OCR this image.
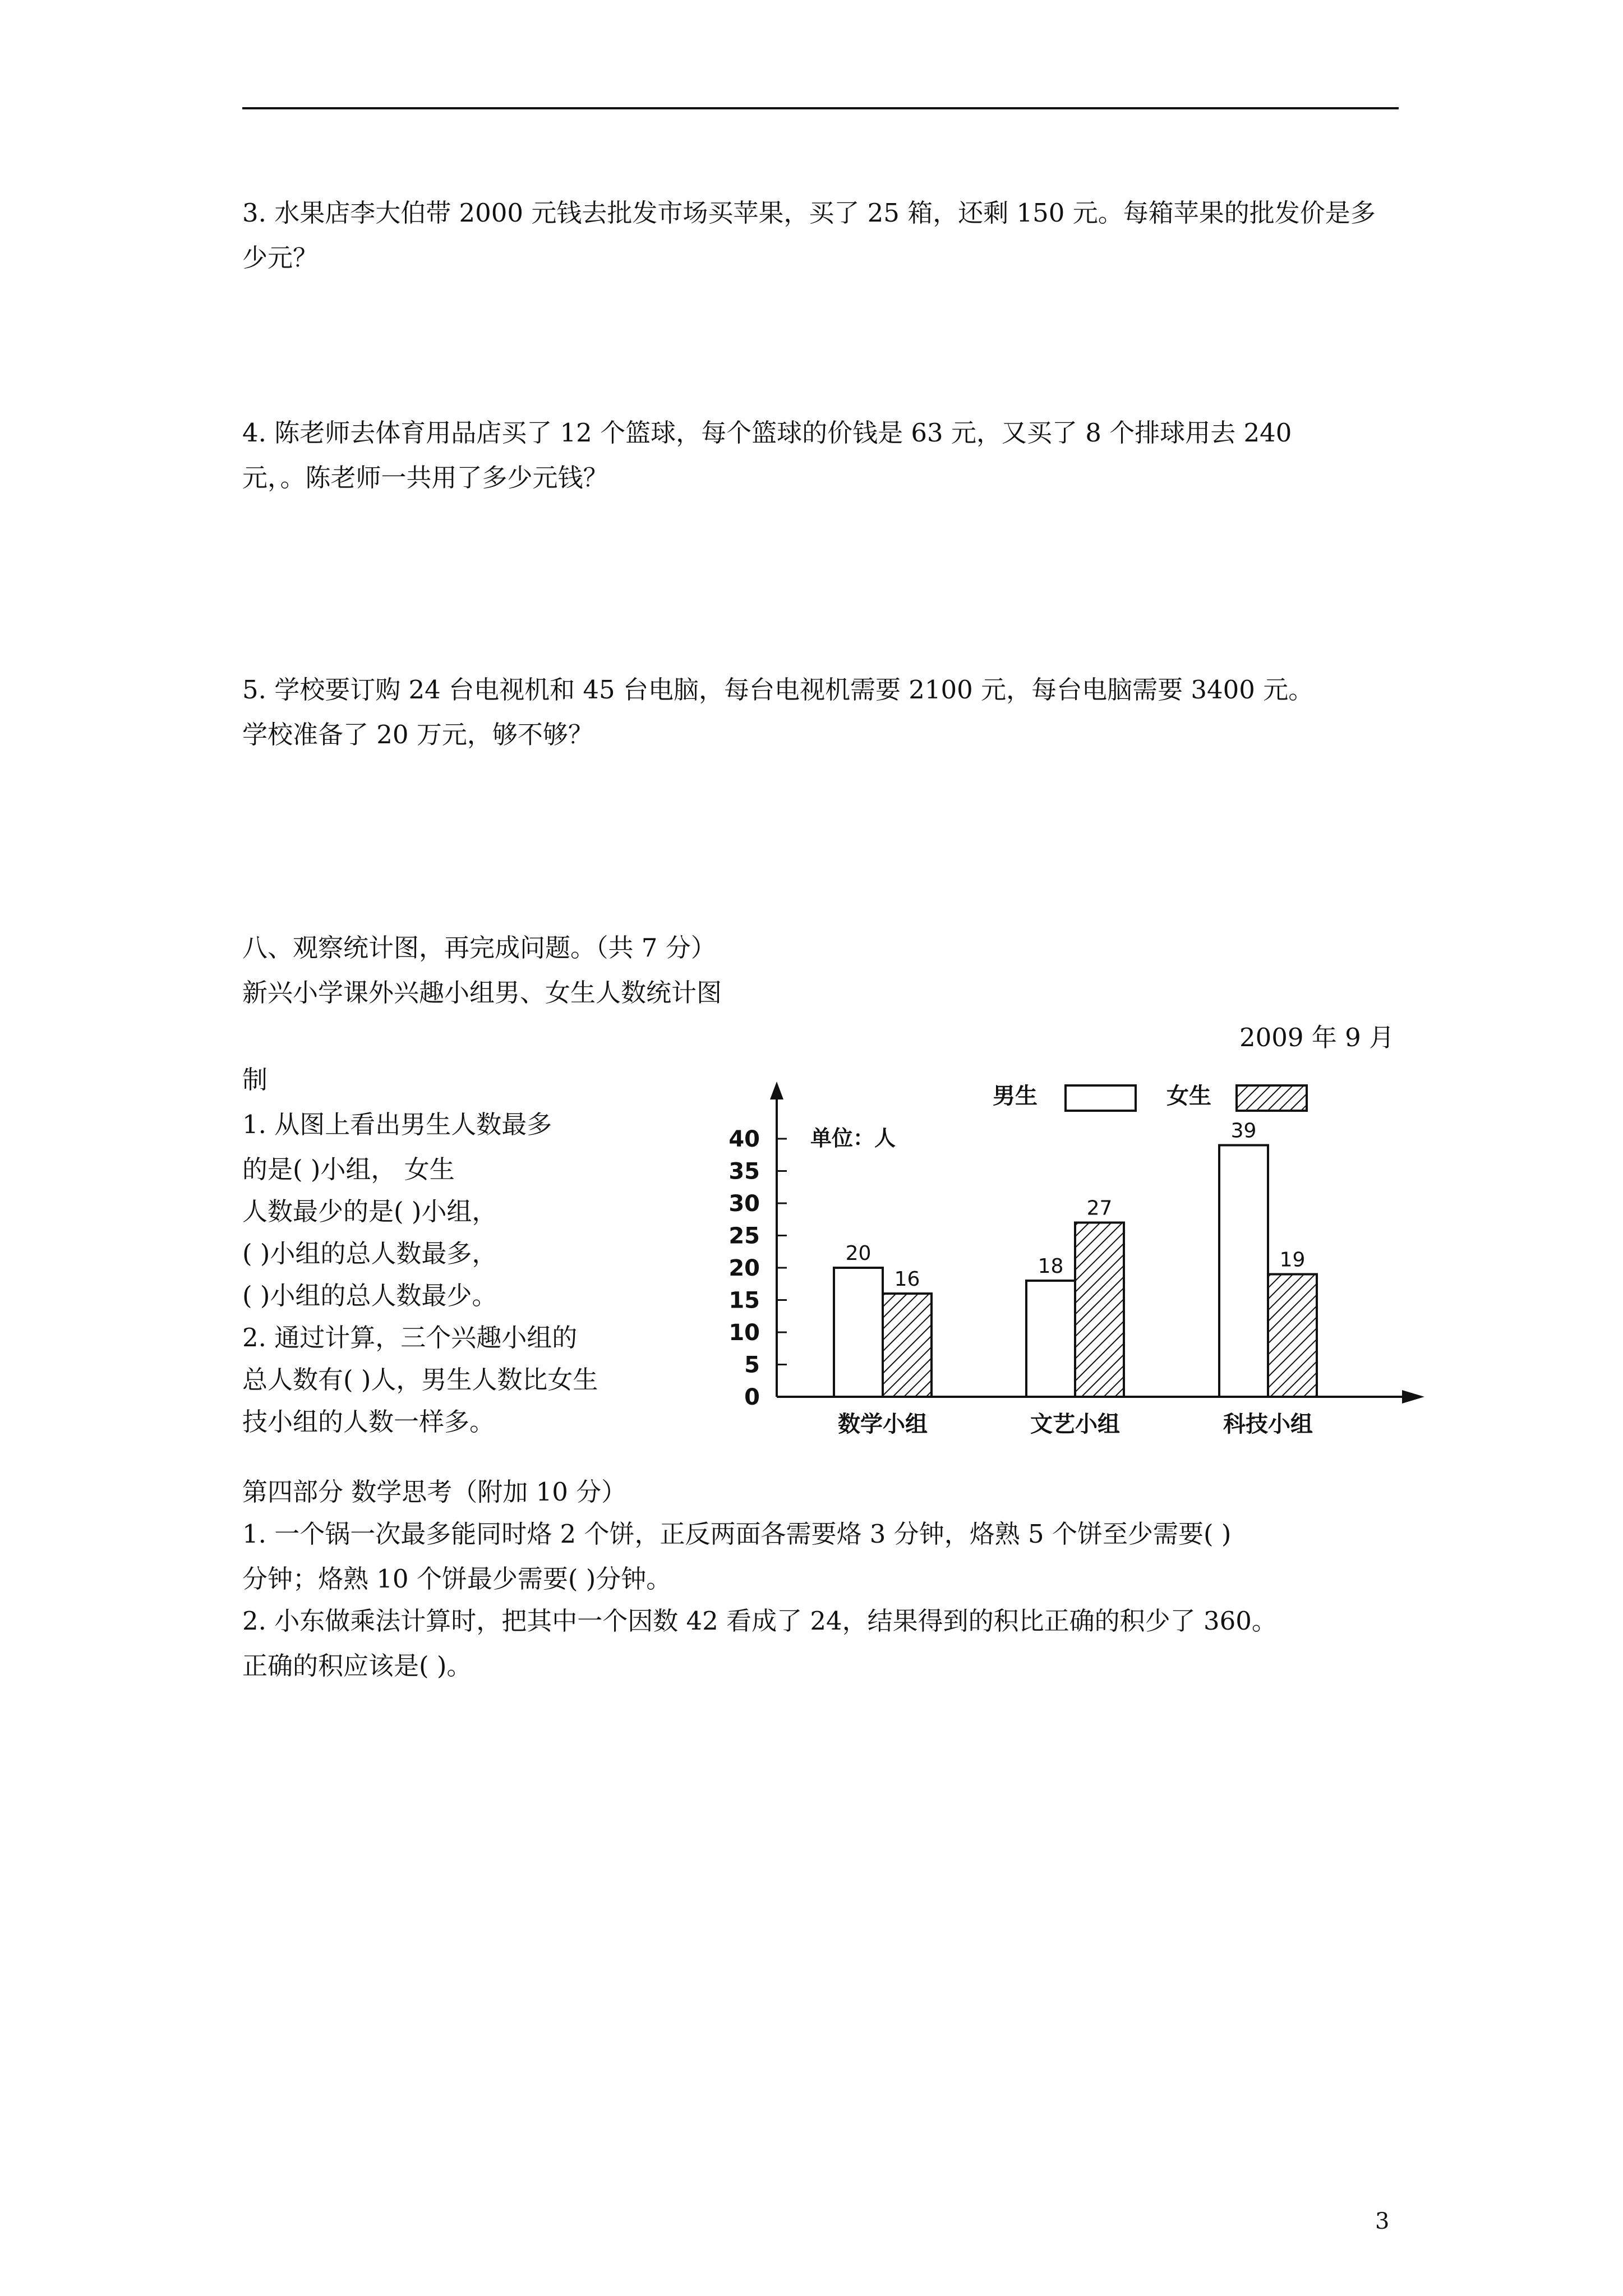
3. 水果店李大伯带 2000 元钱去批发市场买苹果，买了 25 箱，还剩 150 元。每箱苹果的批发价是多
少元？
4. 陈老师去体育用品店买了 12 个篮球，每个篮球的价钱是 63 元，又买了 8 个排球用去 240
元，。陈老师一共用了多少元钱？
5. 学校要订购 24 台电视机和 45 台电脑，每台电视机需要 2100 元，每台电脑需要 3400 元。
学校准备了 20 万元，够不够？
八、观察统计图，再完成问题。（共 7 分）
新兴小学课外兴趣小组男、女生人数统计图
2009 年 9 月
制
1. 从图上看出男生人数最多
的是( )小组， 女生
人数最少的是( )小组，
( )小组的总人数最多，
( )小组的总人数最少。
2. 通过计算，三个兴趣小组的
总人数有( )人，男生人数比女生
技小组的人数一样多。
0
5
10
15
20
25
30
35
40 单位：人
男生	女生
20
16
数学小组
18
27
文艺小组
39
19
科技小组
第四部分 数学思考（附加 10 分）
1. 一个锅一次最多能同时烙 2 个饼，正反两面各需要烙 3 分钟，烙熟 5 个饼至少需要( )
分钟；烙熟 10 个饼最少需要( )分钟。
2. 小东做乘法计算时，把其中一个因数 42 看成了 24，结果得到的积比正确的积少了 360。
正确的积应该是( )。
3
